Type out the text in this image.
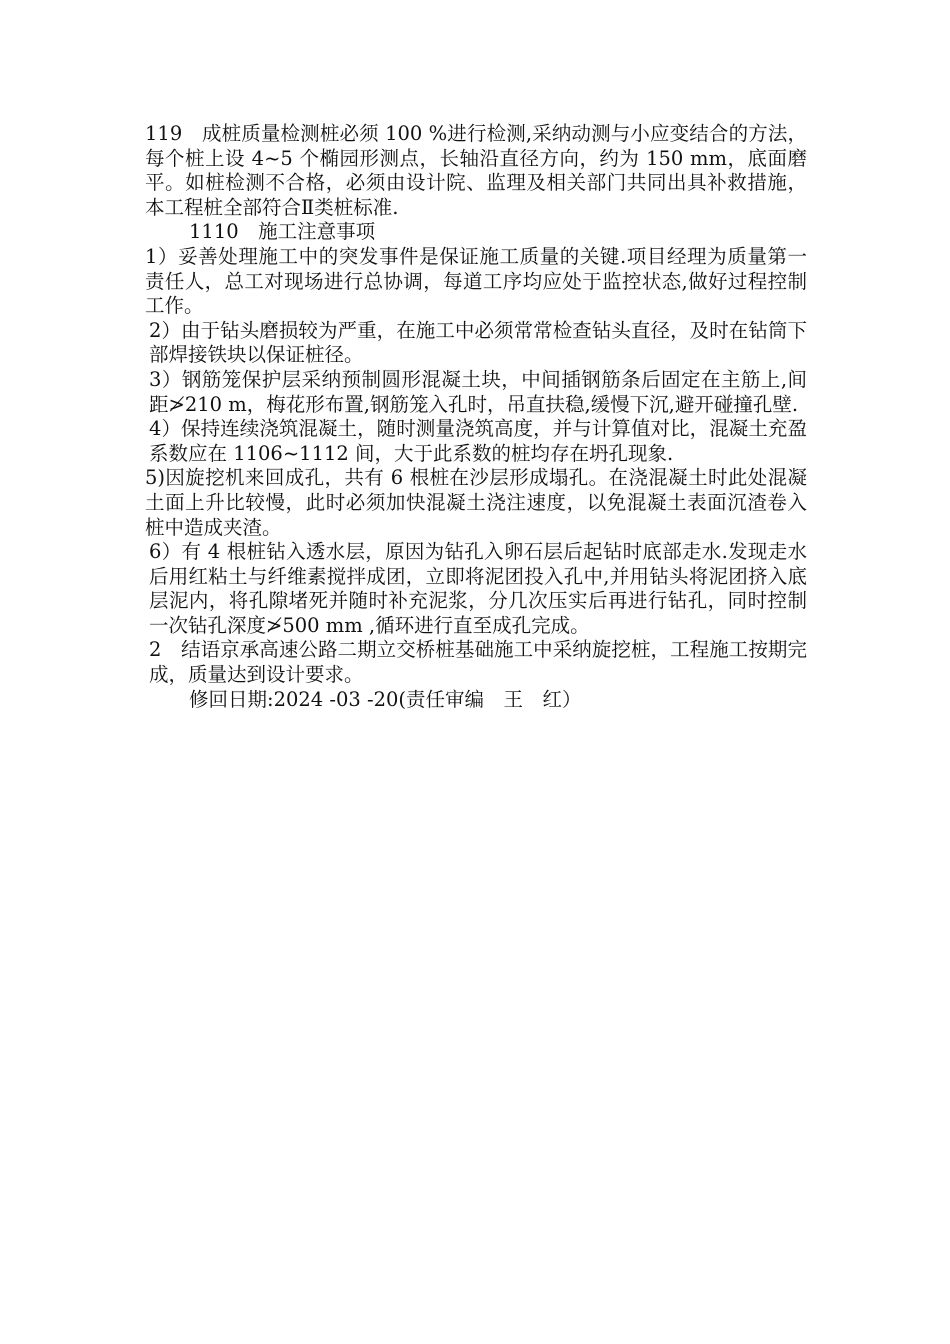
119　成桩质量检测桩必须 100 %进行检测,采纳动测与小应变结合的方法，每个桩上设 4~5 个椭园形测点，长轴沿直径方向，约为 150 mm，底面磨平。如桩检测不合格，必须由设计院、监理及相关部门共同出具补救措施，本工程桩全部符合Ⅱ类桩标准.

1110　施工注意事项

1）妥善处理施工中的突发事件是保证施工质量的关键.项目经理为质量第一责任人，总工对现场进行总协调，每道工序均应处于监控状态,做好过程控制工作。

2）由于钻头磨损较为严重，在施工中必须常常检查钻头直径，及时在钻筒下部焊接铁块以保证桩径。

3）钢筋笼保护层采纳预制圆形混凝土块，中间插钢筋条后固定在主筋上,间距≯210 m，梅花形布置,钢筋笼入孔时，吊直扶稳,缓慢下沉,避开碰撞孔壁.

4）保持连续浇筑混凝土，随时测量浇筑高度，并与计算值对比，混凝土充盈系数应在 1106~1112 间，大于此系数的桩均存在坍孔现象.

5)因旋挖机来回成孔，共有 6 根桩在沙层形成塌孔。在浇混凝土时此处混凝土面上升比较慢，此时必须加快混凝土浇注速度，以免混凝土表面沉渣卷入桩中造成夹渣。

6）有 4 根桩钻入透水层，原因为钻孔入卵石层后起钻时底部走水.发现走水后用红粘土与纤维素搅拌成团，立即将泥团投入孔中,并用钻头将泥团挤入底层泥内，将孔隙堵死并随时补充泥浆，分几次压实后再进行钻孔，同时控制一次钻孔深度≯500 mm ,循环进行直至成孔完成。

2　结语京承高速公路二期立交桥桩基础施工中采纳旋挖桩，工程施工按期完成，质量达到设计要求。

修回日期:2024 -03 -20(责任审编　王　红）
